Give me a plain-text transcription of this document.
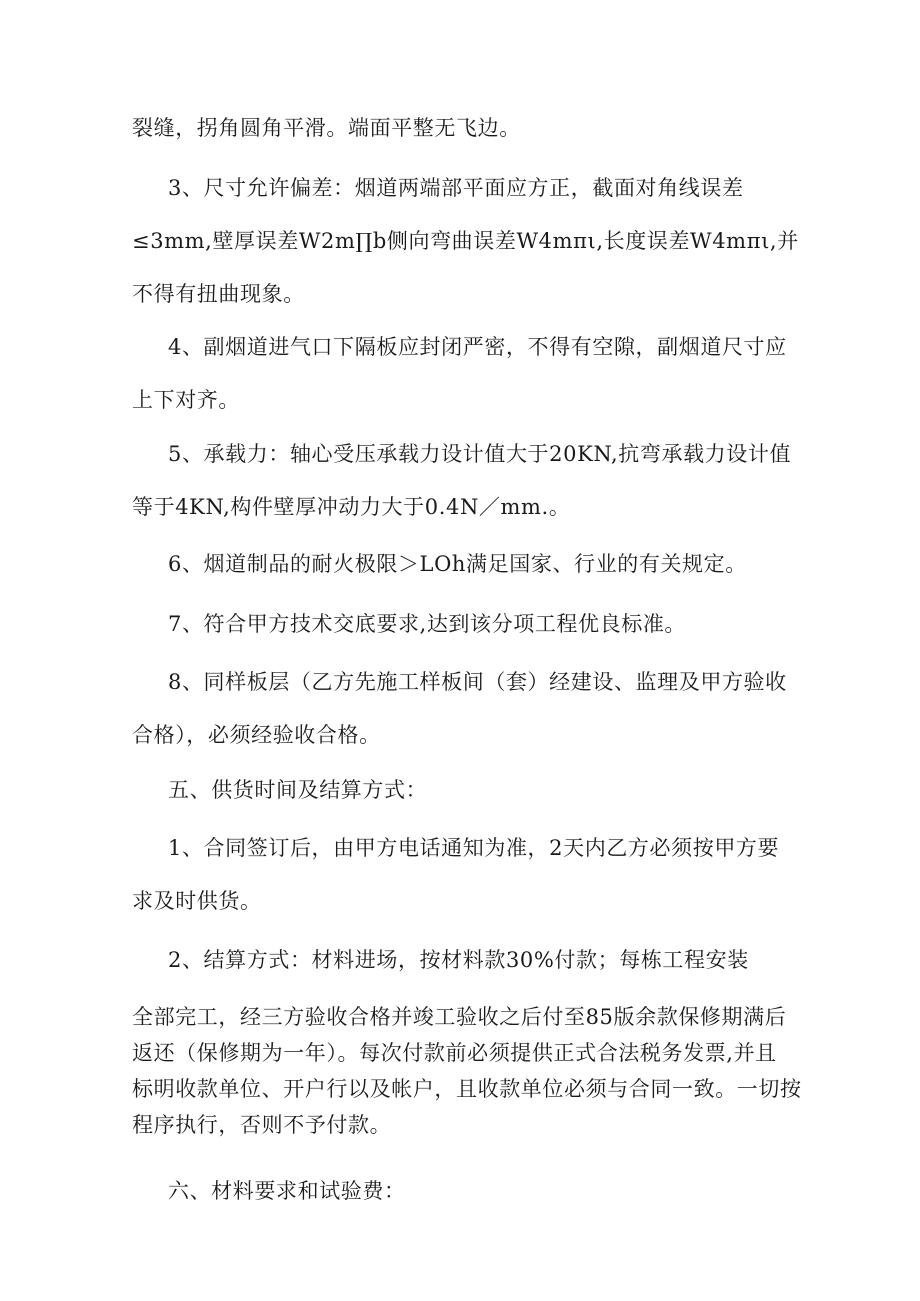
裂缝，拐角圆角平滑。端面平整无飞边。
3、尺寸允许偏差：烟道两端部平面应方正，截面对角线误差
≤3mm,壁厚误差W2m∏b侧向弯曲误差W4mπι,长度误差W4mπι,并
不得有扭曲现象。
4、副烟道进气口下隔板应封闭严密，不得有空隙，副烟道尺寸应
上下对齐。
5、承载力：轴心受压承载力设计值大于20KN,抗弯承载力设计值
等于4KN,构件壁厚冲动力大于0.4N／mm.。
6、烟道制品的耐火极限＞LOh满足国家、行业的有关规定。
7、符合甲方技术交底要求,达到该分项工程优良标准。
8、同样板层（乙方先施工样板间（套）经建设、监理及甲方验收
合格），必须经验收合格。
五、供货时间及结算方式：
1、合同签订后，由甲方电话通知为准，2天内乙方必须按甲方要
求及时供货。
2、结算方式：材料进场，按材料款30%付款；每栋工程安装
全部完工，经三方验收合格并竣工验收之后付至85版余款保修期满后
返还（保修期为一年）。每次付款前必须提供正式合法税务发票,并且
标明收款单位、开户行以及帐户，且收款单位必须与合同一致。一切按
程序执行，否则不予付款。
六、材料要求和试验费：
